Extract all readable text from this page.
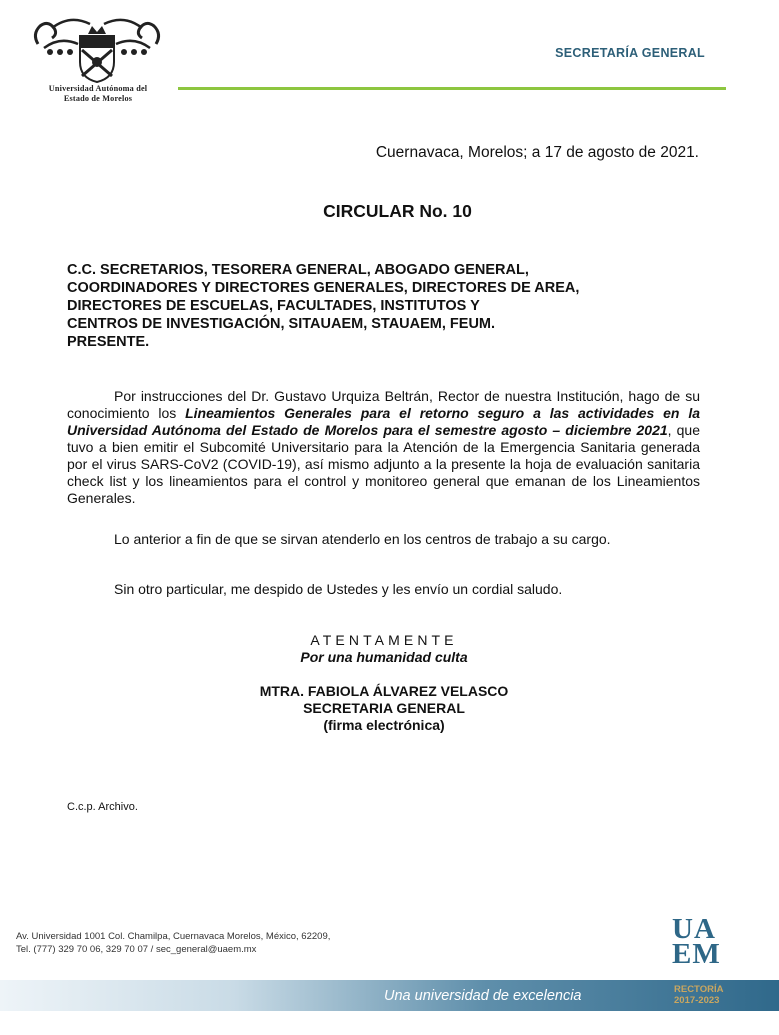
Universidad Autónoma del
Estado de Morelos
SECRETARÍA GENERAL
Cuernavaca, Morelos; a 17 de agosto de 2021.
CIRCULAR No. 10
C.C. SECRETARIOS, TESORERA GENERAL, ABOGADO GENERAL,
COORDINADORES Y DIRECTORES GENERALES, DIRECTORES DE AREA,
DIRECTORES DE ESCUELAS, FACULTADES, INSTITUTOS Y
CENTROS DE INVESTIGACIÓN, SITAUAEM, STAUAEM, FEUM.
PRESENTE.
Por instrucciones del Dr. Gustavo Urquiza Beltrán, Rector de nuestra Institución, hago de su conocimiento los Lineamientos Generales para el retorno seguro a las actividades en la Universidad Autónoma del Estado de Morelos para el semestre agosto – diciembre 2021, que tuvo a bien emitir el Subcomité Universitario para la Atención de la Emergencia Sanitaria generada por el virus SARS-CoV2 (COVID-19), así mismo adjunto a la presente la hoja de evaluación sanitaria check list y los lineamientos para el control y monitoreo general que emanan de los Lineamientos Generales.
Lo anterior a fin de que se sirvan atenderlo en los centros de trabajo a su cargo.
Sin otro particular, me despido de Ustedes y les envío un cordial saludo.
ATENTAMENTE
Por una humanidad culta
MTRA. FABIOLA ÁLVAREZ VELASCO
SECRETARIA GENERAL
(firma electrónica)
C.c.p. Archivo.
Av. Universidad 1001 Col. Chamilpa, Cuernavaca Morelos, México, 62209,
Tel. (777) 329 70 06, 329 70 07 / sec_general@uaem.mx
UA
EM
Una universidad de excelencia	RECTORÍA
2017-2023
